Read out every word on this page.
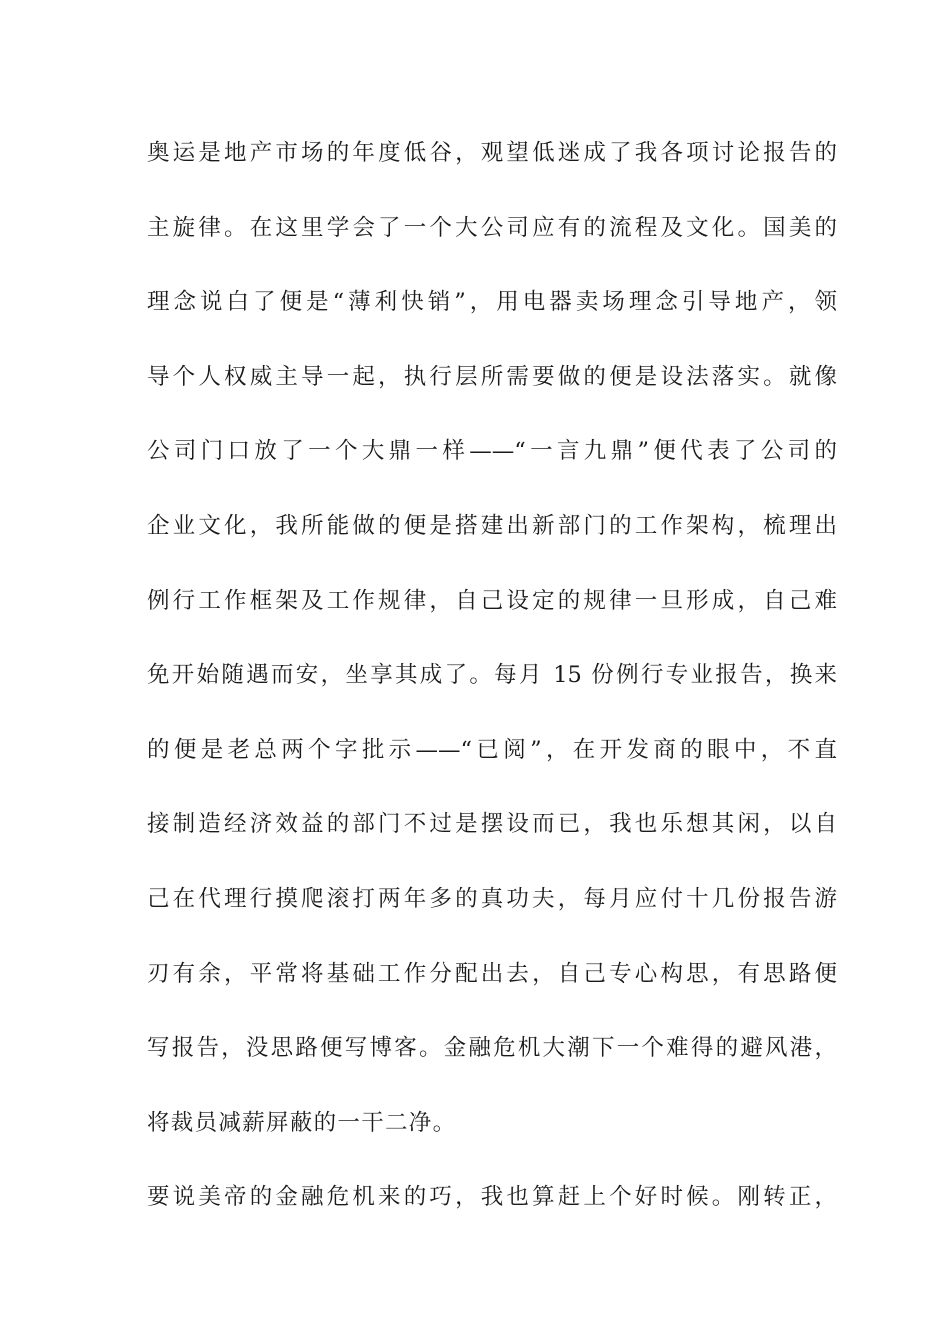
奥运是地产市场的年度低谷，观望低迷成了我各项讨论报告的
主旋律。在这里学会了一个大公司应有的流程及文化。国美的
理念说白了便是“薄利快销”，用电器卖场理念引导地产，领
导个人权威主导一起，执行层所需要做的便是设法落实。就像
公司门口放了一个大鼎一样——“一言九鼎”便代表了公司的
企业文化，我所能做的便是搭建出新部门的工作架构，梳理出
例行工作框架及工作规律，自己设定的规律一旦形成，自己难
免开始随遇而安，坐享其成了。每月 15 份例行专业报告，换来
的便是老总两个字批示——“已阅”，在开发商的眼中，不直
接制造经济效益的部门不过是摆设而已，我也乐想其闲，以自
己在代理行摸爬滚打两年多的真功夫，每月应付十几份报告游
刃有余，平常将基础工作分配出去，自己专心构思，有思路便
写报告，没思路便写博客。金融危机大潮下一个难得的避风港，
将裁员减薪屏蔽的一干二净。
要说美帝的金融危机来的巧，我也算赶上个好时候。刚转正，
